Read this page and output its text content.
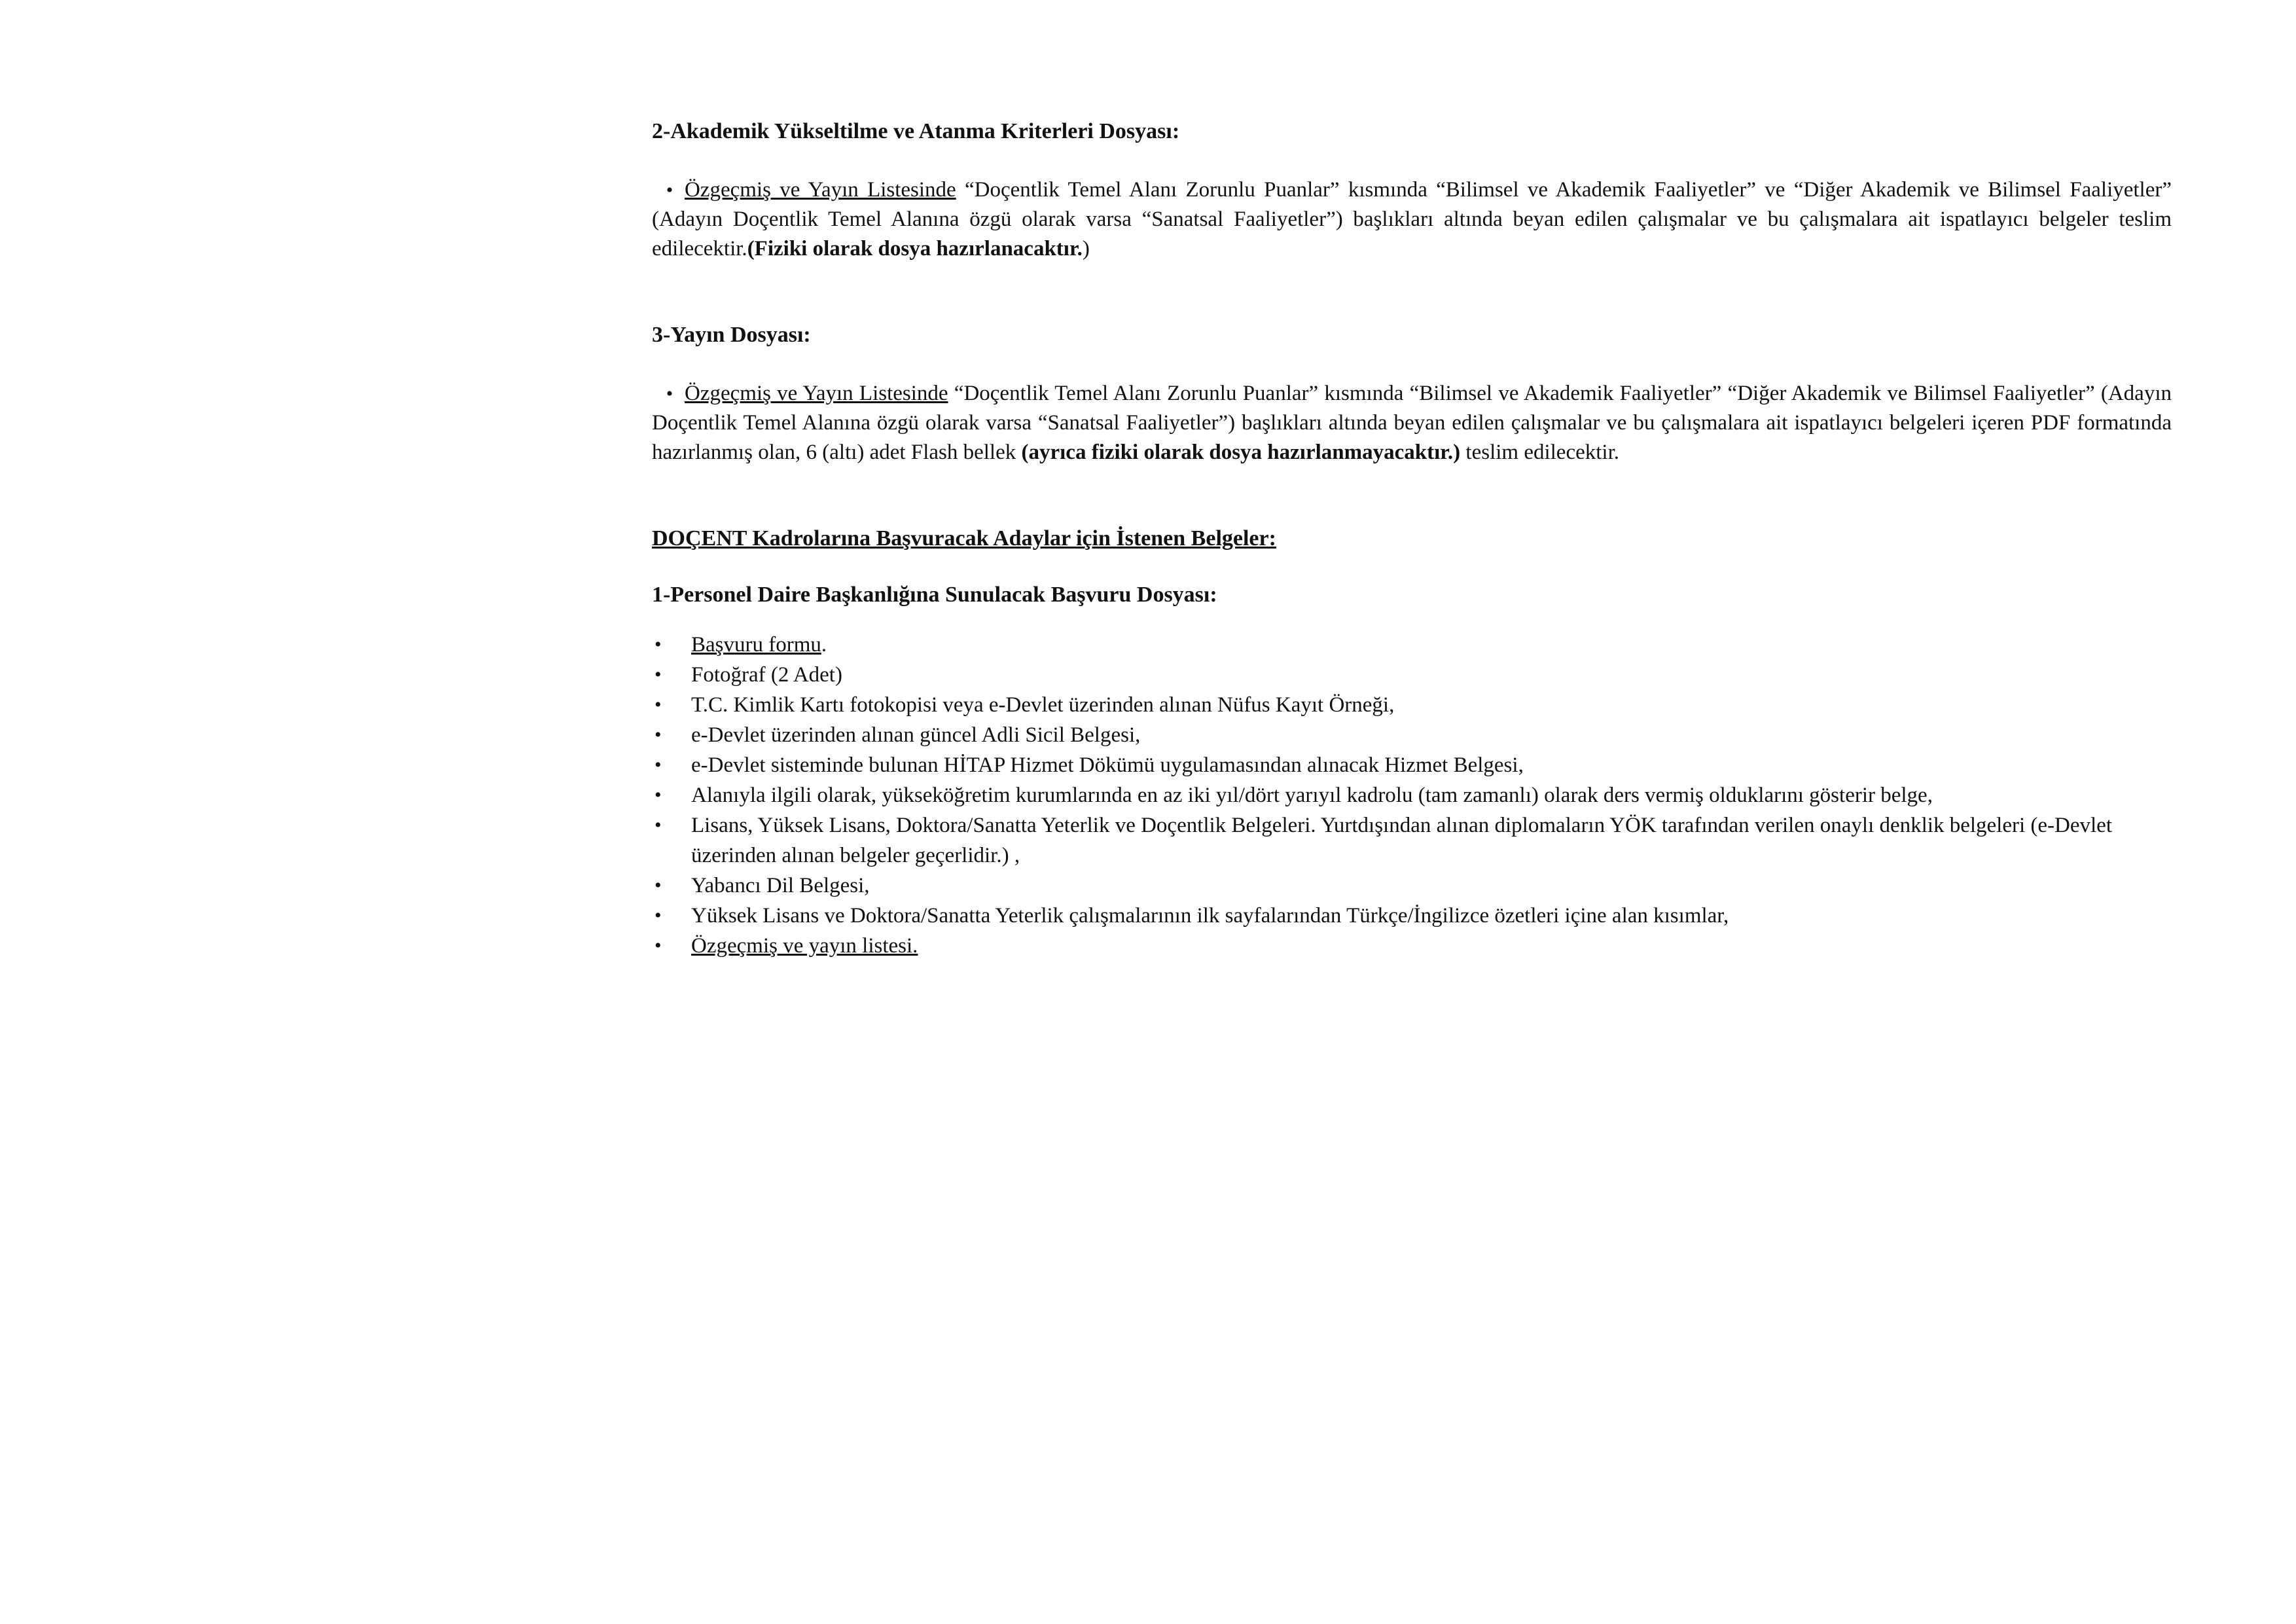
2-Akademik Yükseltilme ve Atanma Kriterleri Dosyası:

• Özgeçmiş ve Yayın Listesinde “Doçentlik Temel Alanı Zorunlu Puanlar” kısmında “Bilimsel ve Akademik Faaliyetler” ve “Diğer Akademik ve Bilimsel Faaliyetler” (Adayın Doçentlik Temel Alanına özgü olarak varsa “Sanatsal Faaliyetler”) başlıkları altında beyan edilen çalışmalar ve bu çalışmalara ait ispatlayıcı belgeler teslim edilecektir.(Fiziki olarak dosya hazırlanacaktır.)

3-Yayın Dosyası:

• Özgeçmiş ve Yayın Listesinde “Doçentlik Temel Alanı Zorunlu Puanlar” kısmında “Bilimsel ve Akademik Faaliyetler” “Diğer Akademik ve Bilimsel Faaliyetler” (Adayın Doçentlik Temel Alanına özgü olarak varsa “Sanatsal Faaliyetler”) başlıkları altında beyan edilen çalışmalar ve bu çalışmalara ait ispatlayıcı belgeleri içeren PDF formatında hazırlanmış olan, 6 (altı) adet Flash bellek (ayrıca fiziki olarak dosya hazırlanmayacaktır.) teslim edilecektir.

DOÇENT Kadrolarına Başvuracak Adaylar için İstenen Belgeler:

1-Personel Daire Başkanlığına Sunulacak Başvuru Dosyası:

• Başvuru formu.
• Fotoğraf (2 Adet)
• T.C. Kimlik Kartı fotokopisi veya e-Devlet üzerinden alınan Nüfus Kayıt Örneği,
• e-Devlet üzerinden alınan güncel Adli Sicil Belgesi,
• e-Devlet sisteminde bulunan HİTAP Hizmet Dökümü uygulamasından alınacak Hizmet Belgesi,
• Alanıyla ilgili olarak, yükseköğretim kurumlarında en az iki yıl/dört yarıyıl kadrolu (tam zamanlı) olarak ders vermiş olduklarını gösterir belge,
• Lisans, Yüksek Lisans, Doktora/Sanatta Yeterlik ve Doçentlik Belgeleri. Yurtdışından alınan diplomaların YÖK tarafından verilen onaylı denklik belgeleri (e-Devlet üzerinden alınan belgeler geçerlidir.) ,
• Yabancı Dil Belgesi,
• Yüksek Lisans ve Doktora/Sanatta Yeterlik çalışmalarının ilk sayfalarından Türkçe/İngilizce özetleri içine alan kısımlar,
• Özgeçmiş ve yayın listesi.
